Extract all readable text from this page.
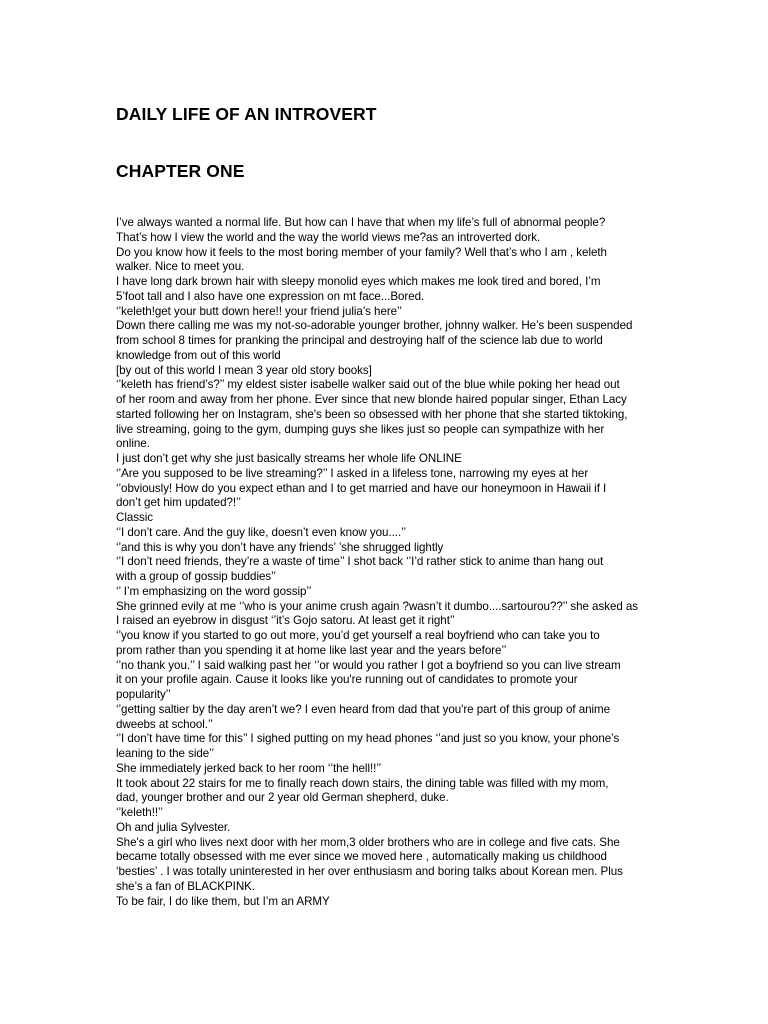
DAILY LIFE OF AN INTROVERT
CHAPTER ONE
I’ve always wanted a normal life. But how can I have that when my life’s full of abnormal people?
That’s how I view the world and the way the world views me?as an introverted dork.
Do you know how it feels to the most boring member of your family? Well that’s who I am , keleth
walker. Nice to meet you.
I have long dark brown hair with sleepy monolid eyes which makes me look tired and bored, I’m
5’foot tall and I also have one expression on mt face...Bored.
‘’keleth!get your butt down here!! your friend julia’s here’’
Down there calling me was my not-so-adorable younger brother, johnny walker. He’s been suspended
from school 8 times for pranking the principal and destroying half of the science lab due to world
knowledge from out of this world
[by out of this world I mean 3 year old story books]
‘’keleth has friend’s?’’ my eldest sister isabelle walker said out of the blue while poking her head out
of her room and away from her phone. Ever since that new blonde haired popular singer, Ethan Lacy
started following her on Instagram, she's been so obsessed with her phone that she started tiktoking,
live streaming, going to the gym, dumping guys she likes just so people can sympathize with her
online.
I just don’t get why she just basically streams her whole life ONLINE
‘’Are you supposed to be live streaming?’’ I asked in a lifeless tone, narrowing my eyes at her
‘’obviously! How do you expect ethan and I to get married and have our honeymoon in Hawaii if I
don’t get him updated?!’’
Classic
‘’I don’t care. And the guy like, doesn’t even know you....’’
‘’and this is why you don’t have any friends’ ’she shrugged lightly
‘’I don’t need friends, they’re a waste of time’’ I shot back ‘’I’d rather stick to anime than hang out
with a group of gossip buddies’’
‘’ I’m emphasizing on the word gossip’’
She grinned evily at me ‘’who is your anime crush again ?wasn’t it dumbo....sartourou??’’ she asked as
I raised an eyebrow in disgust ‘’it’s Gojo satoru. At least get it right’’
‘’you know if you started to go out more, you’d get yourself a real boyfriend who can take you to
prom rather than you spending it at home like last year and the years before’’
‘’no thank you.’’ I said walking past her ‘’or would you rather I got a boyfriend so you can live stream
it on your profile again. Cause it looks like you're running out of candidates to promote your
popularity’’
‘’getting saltier by the day aren’t we? I even heard from dad that you're part of this group of anime
dweebs at school.’’
‘’I don’t have time for this’’ I sighed putting on my head phones ‘’and just so you know, your phone’s
leaning to the side’’
She immediately jerked back to her room ‘’the hell!!’’
It took about 22 stairs for me to finally reach down stairs, the dining table was filled with my mom,
dad, younger brother and our 2 year old German shepherd, duke.
‘’keleth!!’’
Oh and julia Sylvester.
She's a girl who lives next door with her mom,3 older brothers who are in college and five cats. She
became totally obsessed with me ever since we moved here , automatically making us childhood
‘besties’ . I was totally uninterested in her over enthusiasm and boring talks about Korean men. Plus
she’s a fan of BLACKPINK.
To be fair, I do like them, but I’m an ARMY
